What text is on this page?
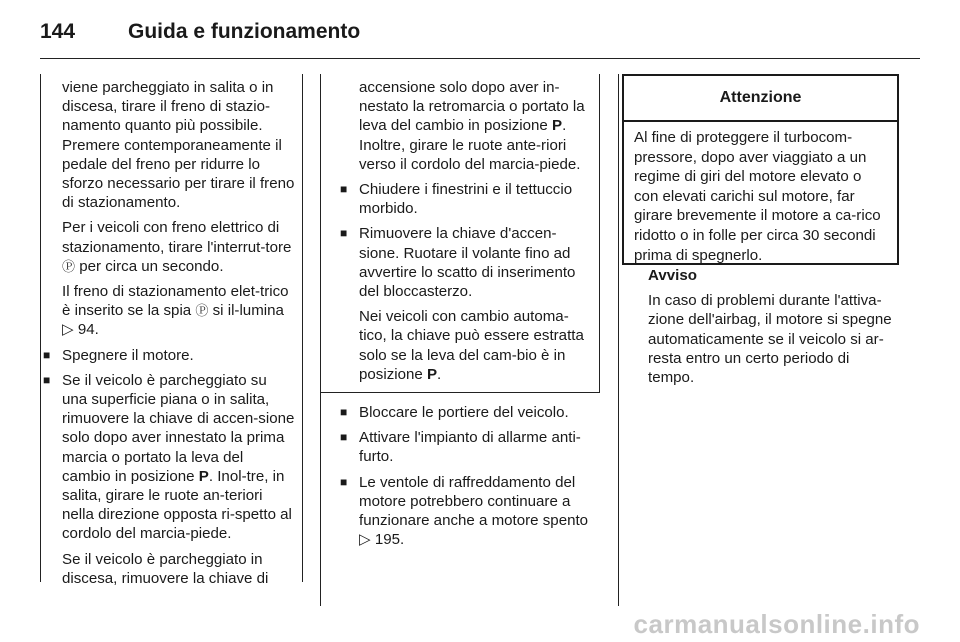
144	Guida e funzionamento

viene parcheggiato in salita o in discesa, tirare il freno di stazio-namento quanto più possibile. Premere contemporaneamente il pedale del freno per ridurre lo sforzo necessario per tirare il freno di stazionamento.

Per i veicoli con freno elettrico di stazionamento, tirare l'interrut-tore Ⓟ per circa un secondo.

Il freno di stazionamento elet-trico è inserito se la spia Ⓟ si il-lumina ▷ 94.

■ Spegnere il motore.
■ Se il veicolo è parcheggiato su una superficie piana o in salita, rimuovere la chiave di accen-sione solo dopo aver innestato la prima marcia o portato la leva del cambio in posizione P. Inol-tre, in salita, girare le ruote an-teriori nella direzione opposta ri-spetto al cordolo del marcia-piede.

Se il veicolo è parcheggiato in discesa, rimuovere la chiave di

accensione solo dopo aver in-nestato la retromarcia o portato la leva del cambio in posizione P. Inoltre, girare le ruote ante-riori verso il cordolo del marcia-piede.

■ Chiudere i finestrini e il tettuccio morbido.
■ Rimuovere la chiave d'accen-sione. Ruotare il volante fino ad avvertire lo scatto di inserimento del bloccasterzo.

Nei veicoli con cambio automa-tico, la chiave può essere estratta solo se la leva del cam-bio è in posizione P.

■ Bloccare le portiere del veicolo.
■ Attivare l'impianto di allarme anti-furto.
■ Le ventole di raffreddamento del motore potrebbero continuare a funzionare anche a motore spento ▷ 195.
Attenzione
Al fine di proteggere il turbocom-pressore, dopo aver viaggiato a un regime di giri del motore elevato o con elevati carichi sul motore, far girare brevemente il motore a ca-rico ridotto o in folle per circa 30 secondi prima di spegnerlo.

Avviso

In caso di problemi durante l'attiva-zione dell'airbag, il motore si spegne automaticamente se il veicolo si ar-resta entro un certo periodo di tempo.

carmanualsonline.info
